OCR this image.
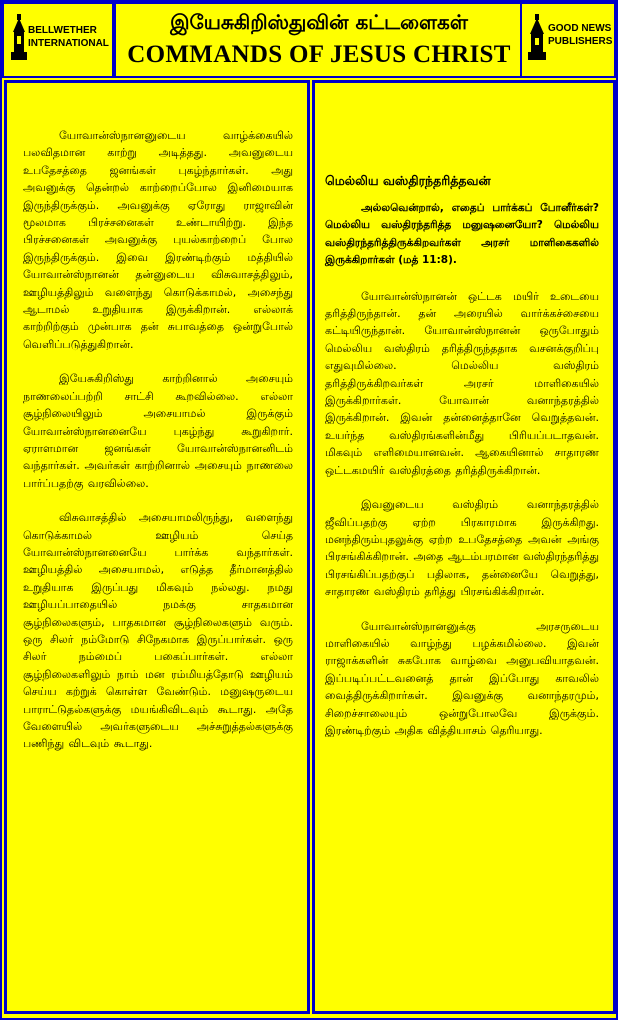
BELLWETHER
INTERNATIONAL
இயேசுகிறிஸ்துவின் கட்டளைகள்
COMMANDS OF JESUS CHRIST
GOOD NEWS
PUBLISHERS

யோவான்ஸ்நானனுடைய வாழ்க்கையில் பலவிதமான காற்று அடித்தது. அவனுடைய உபதேசத்தை ஜனங்கள் புகழ்ந்தார்கள். அது அவனுக்கு தென்றல் காற்றைப்போல இனிமையாக இருந்திருக்கும். அவனுக்கு ஏரோது ராஜாவின் மூலமாக பிரச்சனைகள் உண்டாயிற்று. இந்த பிரச்சனைகள் அவனுக்கு புயல்காற்றைப் போல இருந்திருக்கும். இவை இரண்டிற்கும் மத்தியில் யோவான்ஸ்நானன் தன்னுடைய விசுவாசத்திலும், ஊழியத்திலும் வளைந்து கொடுக்காமல், அசைந்து ஆடாமல் உறுதியாக இருக்கிறான். எல்லாக் காற்றிற்கும் முன்பாக தன் சுபாவத்தை ஒன்றுபோல் வெளிப்படுத்துகிறான்.

இயேசுகிறிஸ்து காற்றினால் அசையும் நாணலைப்பற்றி சாட்சி கூறவில்லை. எல்லா சூழ்நிலையிலும் அசையாமல் இருக்கும் யோவான்ஸ்நானனையே புகழ்ந்து கூறுகிறார். ஏராளமான ஜனங்கள் யோவான்ஸ்நானனிடம் வந்தார்கள். அவர்கள் காற்றினால் அசையும் நாணலை பார்ப்பதற்கு வரவில்லை.

விசுவாசத்தில் அசையாமலிருந்து, வளைந்து கொடுக்காமல் ஊழியம் செய்த யோவான்ஸ்நானனையே பார்க்க வந்தார்கள். ஊழியத்தில் அசையாமல், எடுத்த தீர்மானத்தில் உறுதியாக இருப்பது மிகவும் நல்லது. நமது ஊழியப்பாதையில் நமக்கு சாதகமான சூழ்நிலைகளும், பாதகமான சூழ்நிலைகளும் வரும். ஒரு சிலர் நம்மோடு சிநேகமாக இருப்பார்கள். ஒரு சிலர் நம்மைப் பகைப்பார்கள். எல்லா சூழ்நிலைகளிலும் நாம் மன ரம்மியத்தோடு ஊழியம் செய்ய கற்றுக் கொள்ள வேண்டும். மனுஷருடைய பாராட்டுதல்களுக்கு மயங்கிவிடவும் கூடாது. அதே வேளையில் அவர்களுடைய அச்சுறுத்தல்களுக்கு பணிந்து விடவும் கூடாது.

மெல்லிய வஸ்திரந்தரித்தவன்

அல்லவென்றால், எதைப் பார்க்கப் போனீர்கள்? மெல்லிய வஸ்திரந்தரித்த மனுஷனையோ? மெல்லிய வஸ்திரந்தரித்திருக்கிறவர்கள் அரசர் மாளிகைகளில் இருக்கிறார்கள் (மத் 11:8).

யோவான்ஸ்நானன் ஒட்டக மயிர் உடையை தரித்திருந்தான். தன் அரையில் வார்க்கச்சையை கட்டியிருந்தான். யோவான்ஸ்நானன் ஒருபோதும் மெல்லிய வஸ்திரம் தரித்திருந்ததாக வசனக்குறிப்பு எதுவுமில்லை. மெல்லிய வஸ்திரம் தரித்திருக்கிறவர்கள் அரசர் மாளிகையில் இருக்கிறார்கள். யோவான் வனாந்தரத்தில் இருக்கிறான். இவன் தன்னைத்தானே வெறுத்தவன். உயர்ந்த வஸ்திரங்களின்மீது பிரியப்படாதவன். மிகவும் எளிமையானவன். ஆகையினால் சாதாரண ஒட்டகமயிர் வஸ்திரத்தை தரித்திருக்கிறான்.

இவனுடைய வஸ்திரம் வனாந்தரத்தில் ஜீவிப்பதற்கு ஏற்ற பிரகாரமாக இருக்கிறது. மனந்திரும்புதலுக்கு ஏற்ற உபதேசத்தை அவன் அங்கு பிரசங்கிக்கிறான். அதை ஆடம்பரமான வஸ்திரந்தரித்து பிரசங்கிப்பதற்குப் பதிலாக, தன்னையே வெறுத்து, சாதாரண வஸ்திரம் தரித்து பிரசங்கிக்கிறான்.

யோவான்ஸ்நானனுக்கு அரசருடைய மாளிகையில் வாழ்ந்து பழக்கமில்லை. இவன் ராஜாக்களின் சுகபோக வாழ்வை அனுபவியாதவன். இப்படிப்பட்டவனைத் தான் இப்போது காவலில் வைத்திருக்கிறார்கள். இவனுக்கு வனாந்தரமும், சிறைச்சாலையும் ஒன்றுபோலவே இருக்கும். இரண்டிற்கும் அதிக வித்தியாசம் தெரியாது.
